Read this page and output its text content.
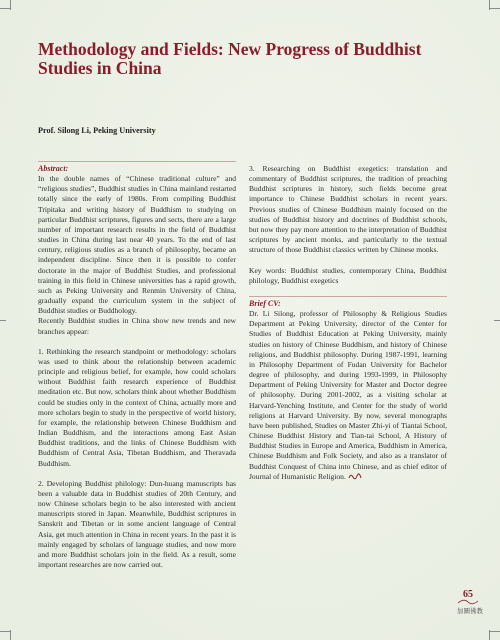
Methodology and Fields: New Progress of Buddhist
Studies in China
Prof. Silong Li, Peking University

Abstract:

In the double names of “Chinese traditional culture” and “religious studies”, Buddhist studies in China mainland restarted totally since the early of 1980s. From compiling Buddhist Tripitaka and writing history of Buddhism to studying on particular Buddhist scriptures, figures and sects, there are a large number of important research results in the field of Buddhist studies in China during last near 40 years. To the end of last century, religious studies as a branch of philosophy, became an independent discipline. Since then it is possible to confer doctorate in the major of Buddhist Studies, and professional training in this field in Chinese universities has a rapid growth, such as Peking University and Renmin University of China, gradually expand the curriculum system in the subject of Buddhist studies or Buddhology.

Recently Buddhist studies in China show new trends and new branches appear:

1. Rethinking the research standpoint or methodology: scholars was used to think about the relationship between academic principle and religious belief, for example, how could scholars without Buddhist faith research experience of Buddhist meditation etc. But now, scholars think about whether Buddhism could be studies only in the context of China, actually more and more scholars begin to study in the perspective of world history, for example, the relationship between Chinese Buddhism and Indian Buddhism, and the interactions among East Asian Buddhist traditions, and the links of Chinese Buddhism with Buddhism of Central Asia, Tibetan Buddhism, and Theravada Buddhism.

2. Developing Buddhist philology: Dun-huang manuscripts has been a valuable data in Buddhist studies of 20th Century, and now Chinese scholars begin to be also interested with ancient manuscripts stored in Japan. Meanwhile, Buddhist scriptures in Sanskrit and Tibetan or in some ancient language of Central Asia, get much attention in China in recent years. In the past it is mainly engaged by scholars of language studies, and now more and more Buddhist scholars join in the field. As a result, some important researches are now carried out.

3. Researching on Buddhist exegetics: translation and commentary of Buddhist scriptures, the tradition of preaching Buddhist scriptures in history, such fields become great importance to Chinese Buddhist scholars in recent years. Previous studies of Chinese Buddhism mainly focused on the studies of Buddhist history and doctrines of Buddhist schools, but now they pay more attention to the interpretation of Buddhist scriptures by ancient monks, and particularly to the textual structure of those Buddhist classics written by Chinese monks.

Key words: Buddhist studies, contemporary China, Buddhist philology, Buddhist exegetics

Brief CV:

Dr. Li Silong, professor of Philosophy & Religious Studies Department at Peking University, director of the Center for Studies of Buddhist Education at Peking University, mainly studies on history of Chinese Buddhism, and history of Chinese religions, and Buddhist philosophy. During 1987-1991, learning in Philosophy Department of Fudan University for Bachelor degree of philosophy, and during 1993-1999, in Philosophy Department of Peking University for Master and Doctor degree of philosophy. During 2001-2002, as a visiting scholar at Harvard-Yenching Institute, and Center for the study of world religions at Harvard University. By now, several monographs have been published, Studies on Master Zhi-yi of Tiantai School, Chinese Buddhist History and Tian-tai School, A History of Buddhist Studies in Europe and America, Buddhism in America, Chinese Buddhism and Folk Society, and also as a translator of Buddhist Conquest of China into Chinese, and as chief editor of Journal of Humanistic Religion.

65
加圖佛教
